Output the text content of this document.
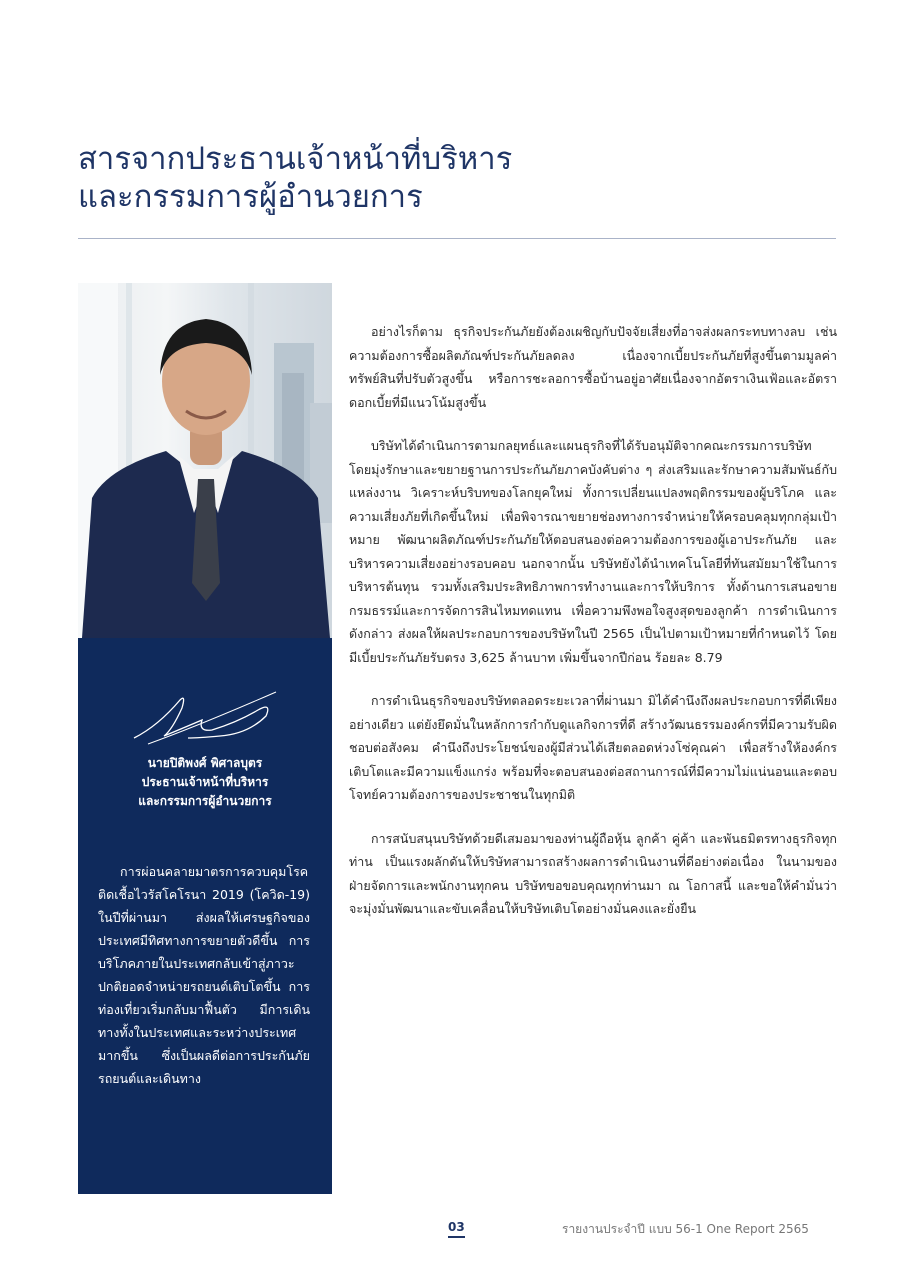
สารจากประธานเจ้าหน้าที่บริหาร
และกรรมการผู้อำนวยการ
นายปิติพงศ์ พิศาลบุตร
ประธานเจ้าหน้าที่บริหาร
และกรรมการผู้อำนวยการ

การผ่อนคลายมาตรการควบคุมโรคติดเชื้อไวรัสโคโรนา 2019 (โควิด-19) ในปีที่ผ่านมา ส่งผลให้เศรษฐกิจของประเทศมีทิศทางการขยายตัวดีขึ้น การบริโภคภายในประเทศกลับเข้าสู่ภาวะปกติยอดจำหน่ายรถยนต์เติบโตขึ้น การท่องเที่ยวเริ่มกลับมาฟื้นตัว มีการเดินทางทั้งในประเทศและระหว่างประเทศมากขึ้น ซึ่งเป็นผลดีต่อการประกันภัยรถยนต์และเดินทาง

อย่างไรก็ตาม ธุรกิจประกันภัยยังต้องเผชิญกับปัจจัยเสี่ยงที่อาจส่งผลกระทบทางลบ เช่น ความต้องการซื้อผลิตภัณฑ์ประกันภัยลดลง เนื่องจากเบี้ยประกันภัยที่สูงขึ้นตามมูลค่าทรัพย์สินที่ปรับตัวสูงขึ้น หรือการชะลอการซื้อบ้านอยู่อาศัยเนื่องจากอัตราเงินเฟ้อและอัตราดอกเบี้ยที่มีแนวโน้มสูงขึ้น

บริษัทได้ดำเนินการตามกลยุทธ์และแผนธุรกิจที่ได้รับอนุมัติจากคณะกรรมการบริษัท โดยมุ่งรักษาและขยายฐานการประกันภัยภาคบังคับต่าง ๆ ส่งเสริมและรักษาความสัมพันธ์กับแหล่งงาน วิเคราะห์บริบทของโลกยุคใหม่ ทั้งการเปลี่ยนแปลงพฤติกรรมของผู้บริโภค และความเสี่ยงภัยที่เกิดขึ้นใหม่ เพื่อพิจารณาขยายช่องทางการจำหน่ายให้ครอบคลุมทุกกลุ่มเป้าหมาย พัฒนาผลิตภัณฑ์ประกันภัยให้ตอบสนองต่อความต้องการของผู้เอาประกันภัย และบริหารความเสี่ยงอย่างรอบคอบ นอกจากนั้น บริษัทยังได้นำเทคโนโลยีที่ทันสมัยมาใช้ในการบริหารต้นทุน รวมทั้งเสริมประสิทธิภาพการทำงานและการให้บริการ ทั้งด้านการเสนอขายกรมธรรม์และการจัดการสินไหมทดแทน เพื่อความพึงพอใจสูงสุดของลูกค้า การดำเนินการดังกล่าว ส่งผลให้ผลประกอบการของบริษัทในปี 2565 เป็นไปตามเป้าหมายที่กำหนดไว้ โดยมีเบี้ยประกันภัยรับตรง 3,625 ล้านบาท เพิ่มขึ้นจากปีก่อน ร้อยละ 8.79

การดำเนินธุรกิจของบริษัทตลอดระยะเวลาที่ผ่านมา มิได้คำนึงถึงผลประกอบการที่ดีเพียงอย่างเดียว แต่ยังยึดมั่นในหลักการกำกับดูแลกิจการที่ดี สร้างวัฒนธรรมองค์กรที่มีความรับผิดชอบต่อสังคม คำนึงถึงประโยชน์ของผู้มีส่วนได้เสียตลอดห่วงโซ่คุณค่า เพื่อสร้างให้องค์กรเติบโตและมีความแข็งแกร่ง พร้อมที่จะตอบสนองต่อสถานการณ์ที่มีความไม่แน่นอนและตอบโจทย์ความต้องการของประชาชนในทุกมิติ

การสนับสนุนบริษัทด้วยดีเสมอมาของท่านผู้ถือหุ้น ลูกค้า คู่ค้า และพันธมิตรทางธุรกิจทุกท่าน เป็นแรงผลักดันให้บริษัทสามารถสร้างผลการดำเนินงานที่ดีอย่างต่อเนื่อง ในนามของฝ่ายจัดการและพนักงานทุกคน บริษัทขอขอบคุณทุกท่านมา ณ โอกาสนี้ และขอให้คำมั่นว่าจะมุ่งมั่นพัฒนาและขับเคลื่อนให้บริษัทเติบโตอย่างมั่นคงและยั่งยืน

03	รายงานประจำปี แบบ 56-1 One Report 2565
